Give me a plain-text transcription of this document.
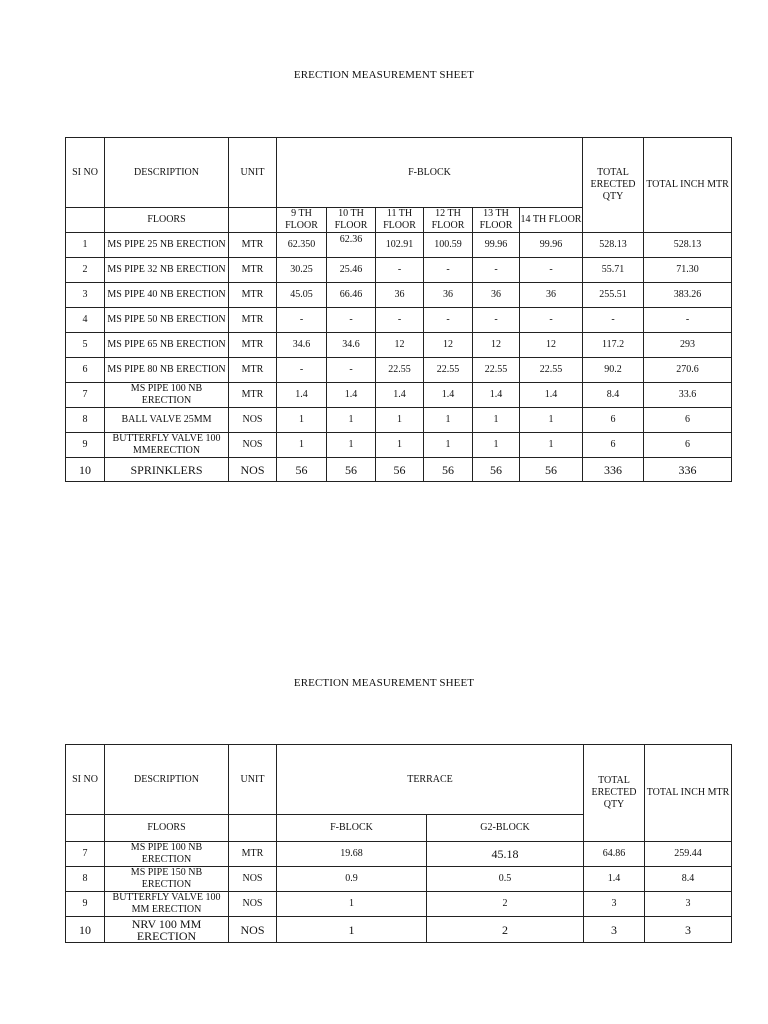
ERECTION MEASUREMENT SHEET
SI NO	DESCRIPTION	UNIT	F-BLOCK						TOTAL ERECTED QTY	TOTAL INCH MTR
	FLOORS		9 TH FLOOR	10 TH FLOOR	11 TH FLOOR	12 TH FLOOR	13 TH FLOOR	14 TH FLOOR		
1	MS PIPE 25 NB ERECTION	MTR	62.350	62.36	102.91	100.59	99.96	99.96	528.13	528.13
2	MS PIPE 32 NB ERECTION	MTR	30.25	25.46	-	-	-	-	55.71	71.30
3	MS PIPE 40 NB ERECTION	MTR	45.05	66.46	36	36	36	36	255.51	383.26
4	MS PIPE 50 NB ERECTION	MTR	-	-	-	-	-	-	-	-
5	MS PIPE 65 NB ERECTION	MTR	34.6	34.6	12	12	12	12	117.2	293
6	MS PIPE 80 NB ERECTION	MTR	-	-	22.55	22.55	22.55	22.55	90.2	270.6
7	MS PIPE 100 NB ERECTION	MTR	1.4	1.4	1.4	1.4	1.4	1.4	8.4	33.6
8	BALL VALVE 25MM	NOS	1	1	1	1	1	1	6	6
9	BUTTERFLY VALVE 100 MMERECTION	NOS	1	1	1	1	1	1	6	6
10	SPRINKLERS	NOS	56	56	56	56	56	56	336	336
ERECTION MEASUREMENT SHEET
SI NO	DESCRIPTION	UNIT	TERRACE		TOTAL ERECTED QTY	TOTAL INCH MTR
	FLOORS		F-BLOCK	G2-BLOCK		
7	MS PIPE 100 NB ERECTION	MTR	19.68	45.18	64.86	259.44
8	MS PIPE 150 NB ERECTION	NOS	0.9	0.5	1.4	8.4
9	BUTTERFLY VALVE 100 MM ERECTION	NOS	1	2	3	3
10	NRV 100 MM ERECTION	NOS	1	2	3	3
